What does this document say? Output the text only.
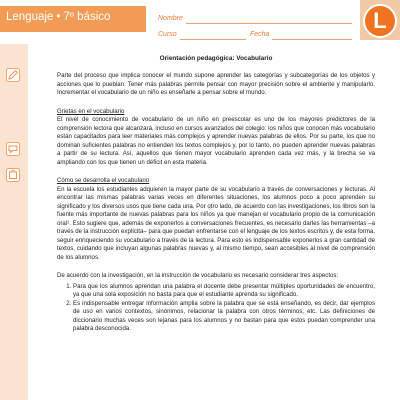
Lenguaje • 7º básico	Nombre
Curso	Fecha
L
Orientación pedagógica: Vocabulario

Parte del proceso que implica conocer el mundo supone aprender las categorías y subcategorías de los objetos y acciones que lo pueblan. Tener más palabras permite pensar con mayor precisión sobre el ambiente y manipularlo. Incrementar el vocabulario de un niño es enseñarle a pensar sobre el mundo.

Grietas en el vocabulario

El nivel de conocimiento de vocabulario de un niño en preescolar es uno de los mayores predictores de la comprensión lectora que alcanzará, incluso en cursos avanzados del colegio: los niños que conocen más vocabulario están capacitados para leer materiales más complejos y aprender nuevas palabras de ellos. Por su parte, los que no dominan suficientes palabras no entienden los textos complejos y, por lo tanto, no pueden aprender nuevas palabras a partir de su lectura. Así, aquellos que tienen mayor vocabulario aprenden cada vez más, y la brecha se va ampliando con los que tienen un déficit en esta materia.

Cómo se desarrolla el vocabulario

En la escuela los estudiantes adquieren la mayor parte de su vocabulario a través de conversaciones y lecturas. Al encontrar las mismas palabras varias veces en diferentes situaciones, los alumnos poco a poco aprenden su significado y los diversos usos que tiene cada una. Por otro lado, de acuerdo con las investigaciones, los libros son la fuente más importante de nuevas palabras para los niños ya que manejan el vocabulario propio de la comunicación oral¹. Esto sugiere que, además de exponerlos a conversaciones frecuentes, es necesario darles las herramientas –a través de la instrucción explícita– para que puedan enfrentarse con el lenguaje de los textos escritos y, de esta forma, seguir enriqueciendo su vocabulario a través de la lectura. Para esto es indispensable exponerlos a gran cantidad de textos, cuidando que incluyan algunas palabras nuevas y, al mismo tiempo, sean accesibles al nivel de comprensión de los alumnos.

De acuerdo con la investigación, en la instrucción de vocabulario es necesario considerar tres aspectos:

1. Para que los alumnos aprendan una palabra el docente debe presentar múltiples oportunidades de encuentro, ya que una sola exposición no basta para que el estudiante aprenda su significado.
2. Es indispensable entregar información amplia sobre la palabra que se está enseñando, es decir, dar ejemplos de uso en varios contextos, sinónimos, relacionar la palabra con otros términos, etc. Las definiciones de diccionario muchas veces son lejanas para los alumnos y no bastan para que estos puedan comprender una palabra desconocida.
